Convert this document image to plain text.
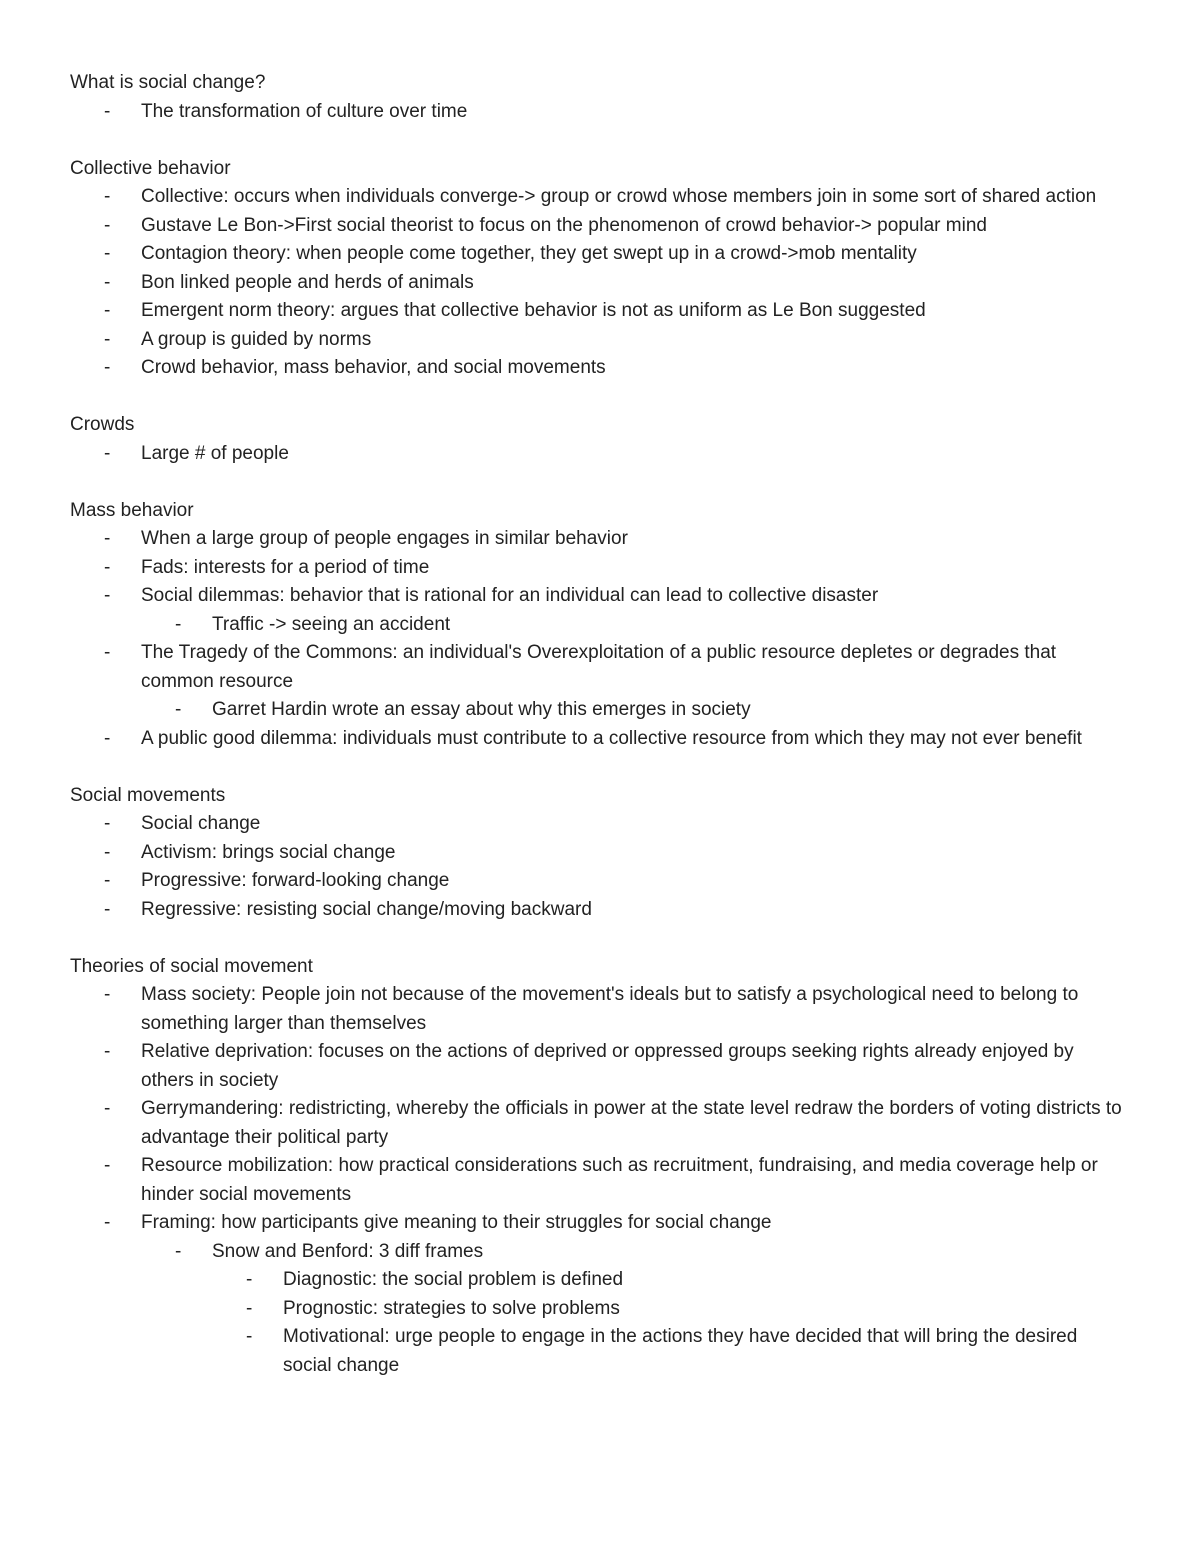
What is social change?
- The transformation of culture over time
Collective behavior
- Collective: occurs when individuals converge-> group or crowd whose members join in some sort of shared action
- Gustave Le Bon->First social theorist to focus on the phenomenon of crowd behavior-> popular mind
- Contagion theory: when people come together, they get swept up in a crowd->mob mentality
- Bon linked people and herds of animals
- Emergent norm theory: argues that collective behavior is not as uniform as Le Bon suggested
- A group is guided by norms
- Crowd behavior, mass behavior, and social movements
Crowds
- Large # of people
Mass behavior
- When a large group of people engages in similar behavior
- Fads: interests for a period of time
- Social dilemmas: behavior that is rational for an individual can lead to collective disaster
- Traffic -> seeing an accident
- The Tragedy of the Commons: an individual's Overexploitation of a public resource depletes or degrades that common resource
- Garret Hardin wrote an essay about why this emerges in society
- A public good dilemma: individuals must contribute to a collective resource from which they may not ever benefit
Social movements
- Social change
- Activism: brings social change
- Progressive: forward-looking change
- Regressive: resisting social change/moving backward
Theories of social movement
- Mass society: People join not because of the movement's ideals but to satisfy a psychological need to belong to something larger than themselves
- Relative deprivation: focuses on the actions of deprived or oppressed groups seeking rights already enjoyed by others in society
- Gerrymandering: redistricting, whereby the officials in power at the state level redraw the borders of voting districts to advantage their political party
- Resource mobilization: how practical considerations such as recruitment, fundraising, and media coverage help or hinder social movements
- Framing: how participants give meaning to their struggles for social change
- Snow and Benford: 3 diff frames
- Diagnostic: the social problem is defined
- Prognostic: strategies to solve problems
- Motivational: urge people to engage in the actions they have decided that will bring the desired social change
